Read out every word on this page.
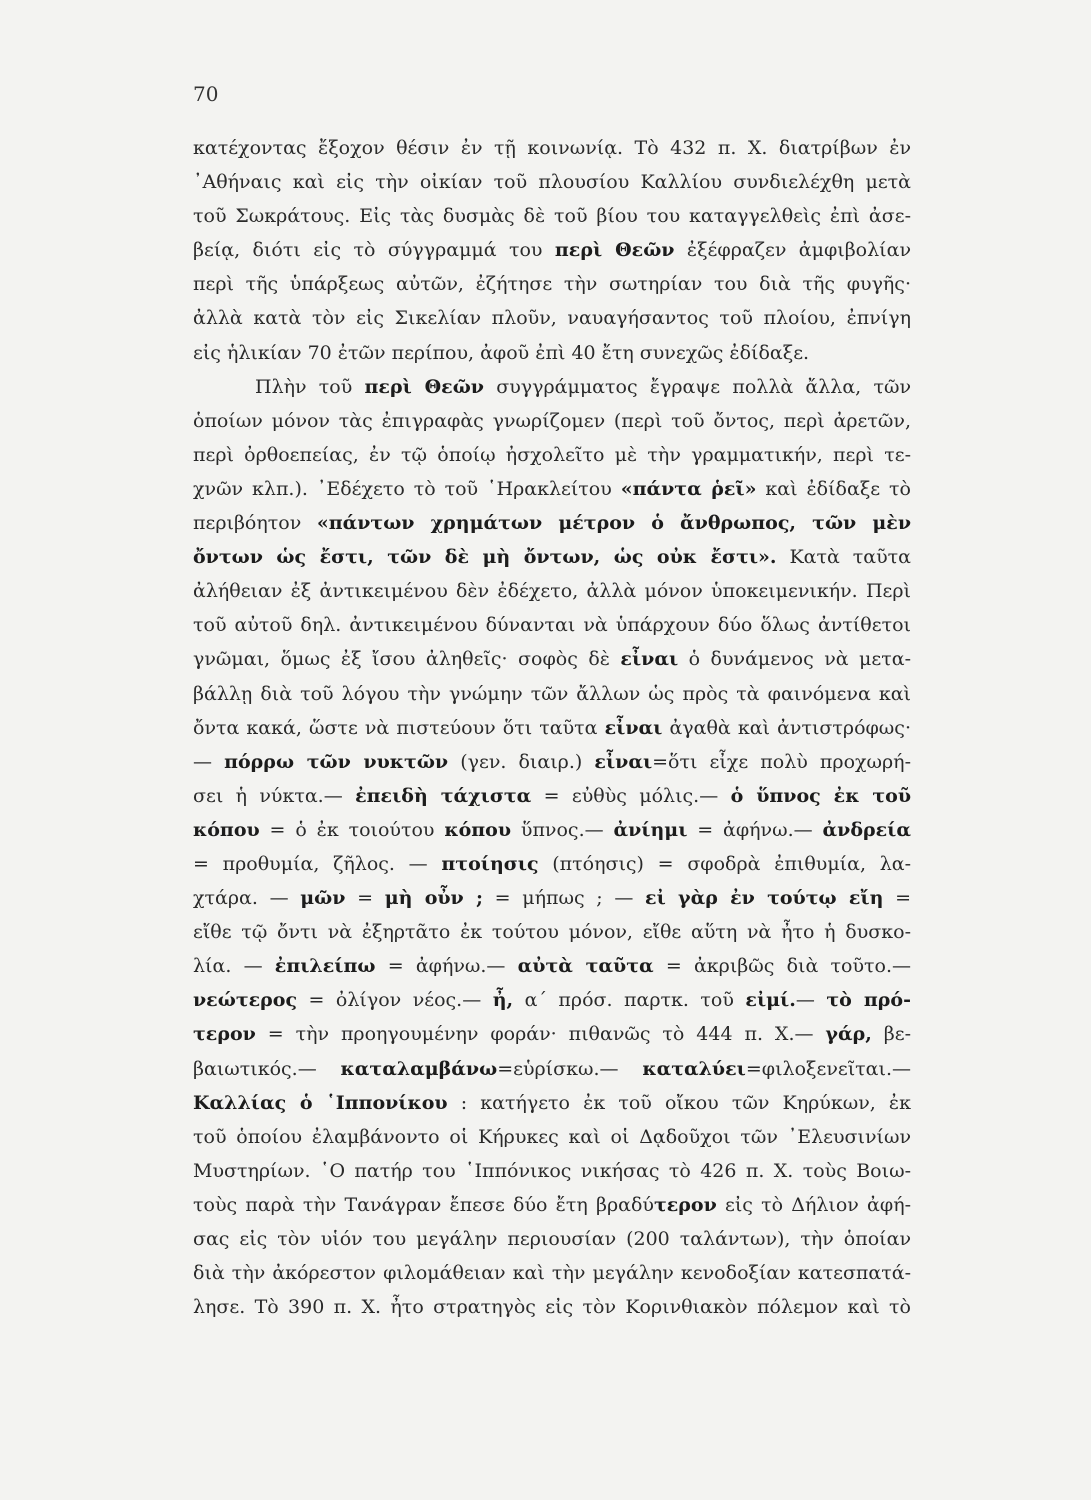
70
κατέχοντας ἔξοχον θέσιν ἐν τῇ κοινωνίᾳ. Τὸ 432 π. Χ. διατρίβων ἐν
᾿Αθήναις καὶ εἰς τὴν οἰκίαν τοῦ πλουσίου Καλλίου συνδιελέχθη μετὰ
τοῦ Σωκράτους. Εἰς τὰς δυσμὰς δὲ τοῦ βίου του καταγγελθεὶς ἐπὶ ἀσε-
βείᾳ, διότι εἰς τὸ σύγγραμμά του περὶ Θεῶν ἐξέφραζεν ἀμφιβολίαν
περὶ τῆς ὑπάρξεως αὐτῶν, ἐζήτησε τὴν σωτηρίαν του διὰ τῆς φυγῆς·
ἀλλὰ κατὰ τὸν εἰς Σικελίαν πλοῦν, ναυαγήσαντος τοῦ πλοίου, ἐπνίγη
εἰς ἡλικίαν 70 ἐτῶν περίπου, ἀφοῦ ἐπὶ 40 ἔτη συνεχῶς ἐδίδαξε.
Πλὴν τοῦ περὶ Θεῶν συγγράμματος ἔγραψε πολλὰ ἄλλα, τῶν
ὁποίων μόνον τὰς ἐπιγραφὰς γνωρίζομεν (περὶ τοῦ ὄντος, περὶ ἀρετῶν,
περὶ ὀρθοεπείας, ἐν τῷ ὁποίῳ ἠσχολεῖτο μὲ τὴν γραμματικήν, περὶ τε-
χνῶν κλπ.). ᾿Εδέχετο τὸ τοῦ ῾Ηρακλείτου «πάντα ῥεῖ» καὶ ἐδίδαξε τὸ
περιβόητον «πάντων χρημάτων μέτρον ὁ ἄνθρωπος, τῶν μὲν
ὄντων ὡς ἔστι, τῶν δὲ μὴ ὄντων, ὡς οὐκ ἔστι». Κατὰ ταῦτα
ἀλήθειαν ἐξ ἀντικειμένου δὲν ἐδέχετο, ἀλλὰ μόνον ὑποκειμενικήν. Περὶ
τοῦ αὐτοῦ δηλ. ἀντικειμένου δύνανται νὰ ὑπάρχουν δύο ὅλως ἀντίθετοι
γνῶμαι, ὅμως ἐξ ἴσου ἀληθεῖς· σοφὸς δὲ εἶναι ὁ δυνάμενος νὰ μετα-
βάλλῃ διὰ τοῦ λόγου τὴν γνώμην τῶν ἄλλων ὡς πρὸς τὰ φαινόμενα καὶ
ὄντα κακά, ὥστε νὰ πιστεύουν ὅτι ταῦτα εἶναι ἀγαθὰ καὶ ἀντιστρόφως·
— πόρρω τῶν νυκτῶν (γεν. διαιρ.) εἶναι=ὅτι εἶχε πολὺ προχωρή-
σει ἡ νύκτα.— ἐπειδὴ τάχιστα = εὐθὺς μόλις.— ὁ ὕπνος ἐκ τοῦ
κόπου = ὁ ἐκ τοιούτου κόπου ὕπνος.— ἀνίημι = ἀφήνω.— ἀνδρεία
= προθυμία, ζῆλος. — πτοίησις (πτόησις) = σφοδρὰ ἐπιθυμία, λα-
χτάρα. — μῶν = μὴ οὖν ; = μήπως ; — εἰ γὰρ ἐν τούτῳ εἴη =
εἴθε τῷ ὄντι νὰ ἐξηρτᾶτο ἐκ τούτου μόνον, εἴθε αὕτη νὰ ἦτο ἡ δυσκο-
λία. — ἐπιλείπω = ἀφήνω.— αὐτὰ ταῦτα = ἀκριβῶς διὰ τοῦτο.—
νεώτερος = ὀλίγον νέος.— ἦ, α΄ πρόσ. παρτκ. τοῦ εἰμί.— τὸ πρό-
τερον = τὴν προηγουμένην φοράν· πιθανῶς τὸ 444 π. Χ.— γάρ, βε-
βαιωτικός.— καταλαμβάνω=εὑρίσκω.— καταλύει=φιλοξενεῖται.—
Καλλίας ὁ ῾Ιππονίκου : κατήγετο ἐκ τοῦ οἴκου τῶν Κηρύκων, ἐκ
τοῦ ὁποίου ἐλαμβάνοντο οἱ Κήρυκες καὶ οἱ Δᾳδοῦχοι τῶν ᾿Ελευσινίων
Μυστηρίων. ῾Ο πατήρ του ῾Ιππόνικος νικήσας τὸ 426 π. Χ. τοὺς Βοιω-
τοὺς παρὰ τὴν Τανάγραν ἔπεσε δύο ἔτη βραδύτερον εἰς τὸ Δήλιον ἀφή-
σας εἰς τὸν υἱόν του μεγάλην περιουσίαν (200 ταλάντων), τὴν ὁποίαν
διὰ τὴν ἀκόρεστον φιλομάθειαν καὶ τὴν μεγάλην κενοδοξίαν κατεσπατά-
λησε. Τὸ 390 π. Χ. ἦτο στρατηγὸς εἰς τὸν Κορινθιακὸν πόλεμον καὶ τὸ
